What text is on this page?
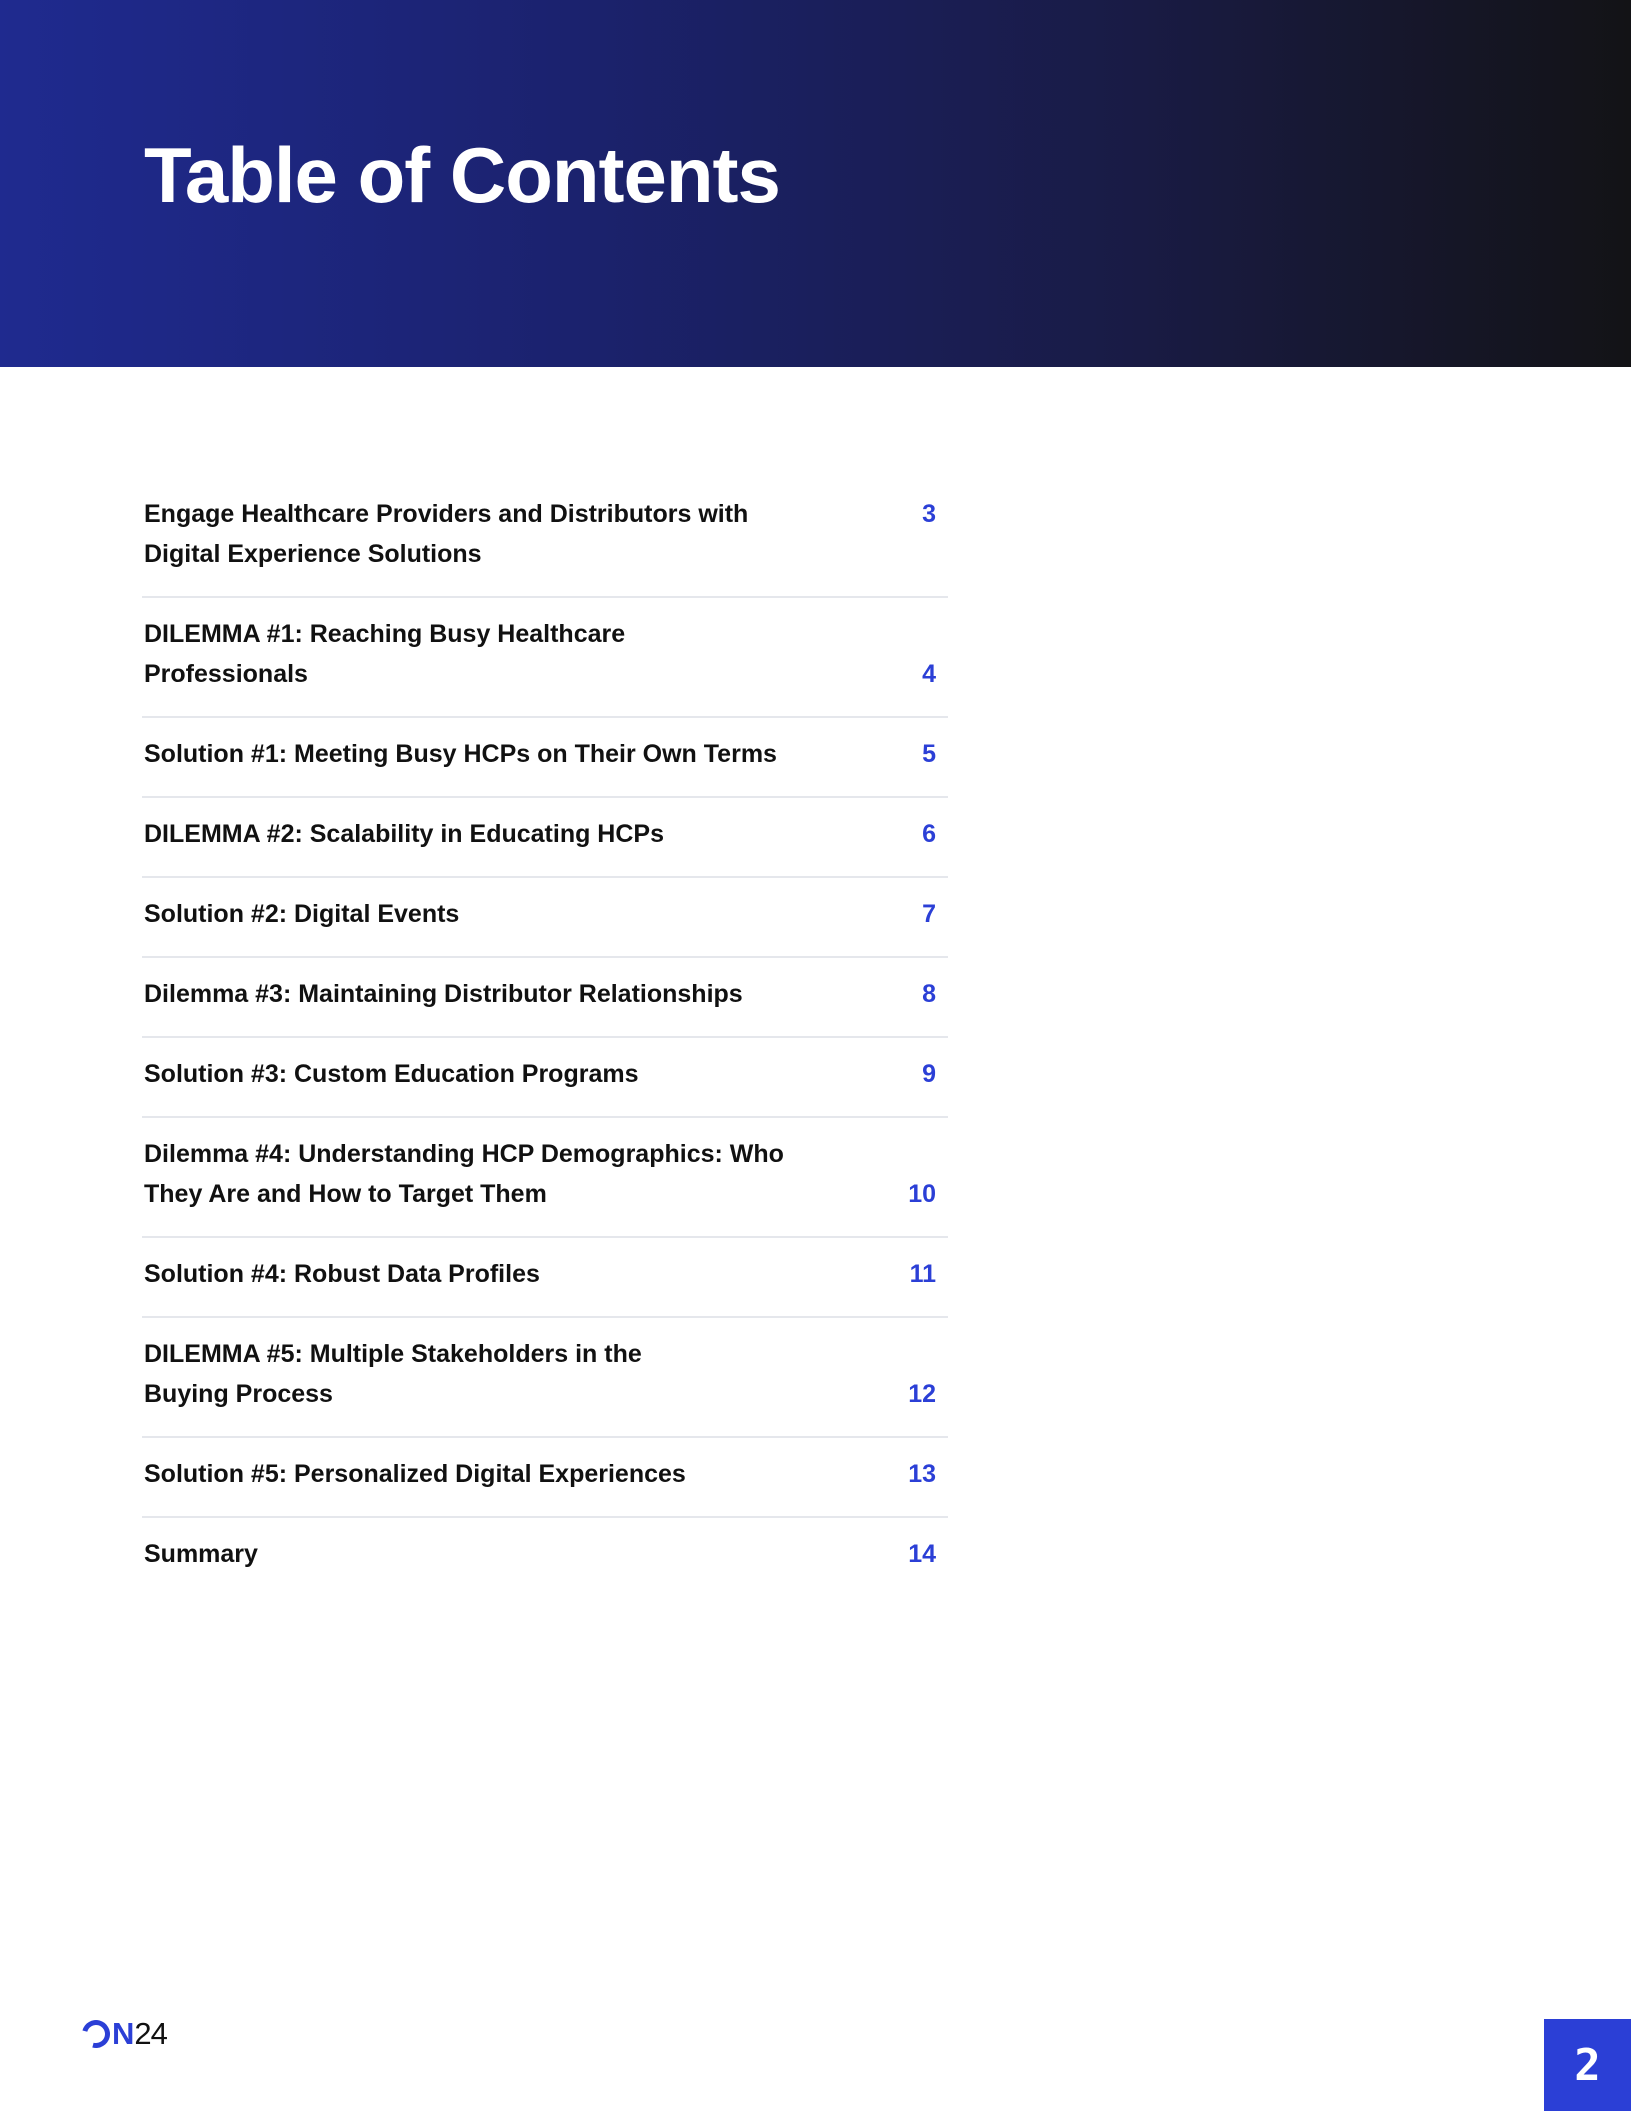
Table of Contents
Engage Healthcare Providers and Distributors with
Digital Experience Solutions
3
DILEMMA #1: Reaching Busy Healthcare Professionals	4
Solution #1: Meeting Busy HCPs on Their Own Terms	5
DILEMMA #2: Scalability in Educating HCPs	6
Solution #2: Digital Events	7
Dilemma #3: Maintaining Distributor Relationships	8
Solution #3: Custom Education Programs	9
Dilemma #4: Understanding HCP Demographics: Who
They Are and How to Target Them	10
Solution #4: Robust Data Profiles	11
DILEMMA #5: Multiple Stakeholders in the
Buying Process	12
Solution #5: Personalized Digital Experiences	13
Summary	14
N 24
2
